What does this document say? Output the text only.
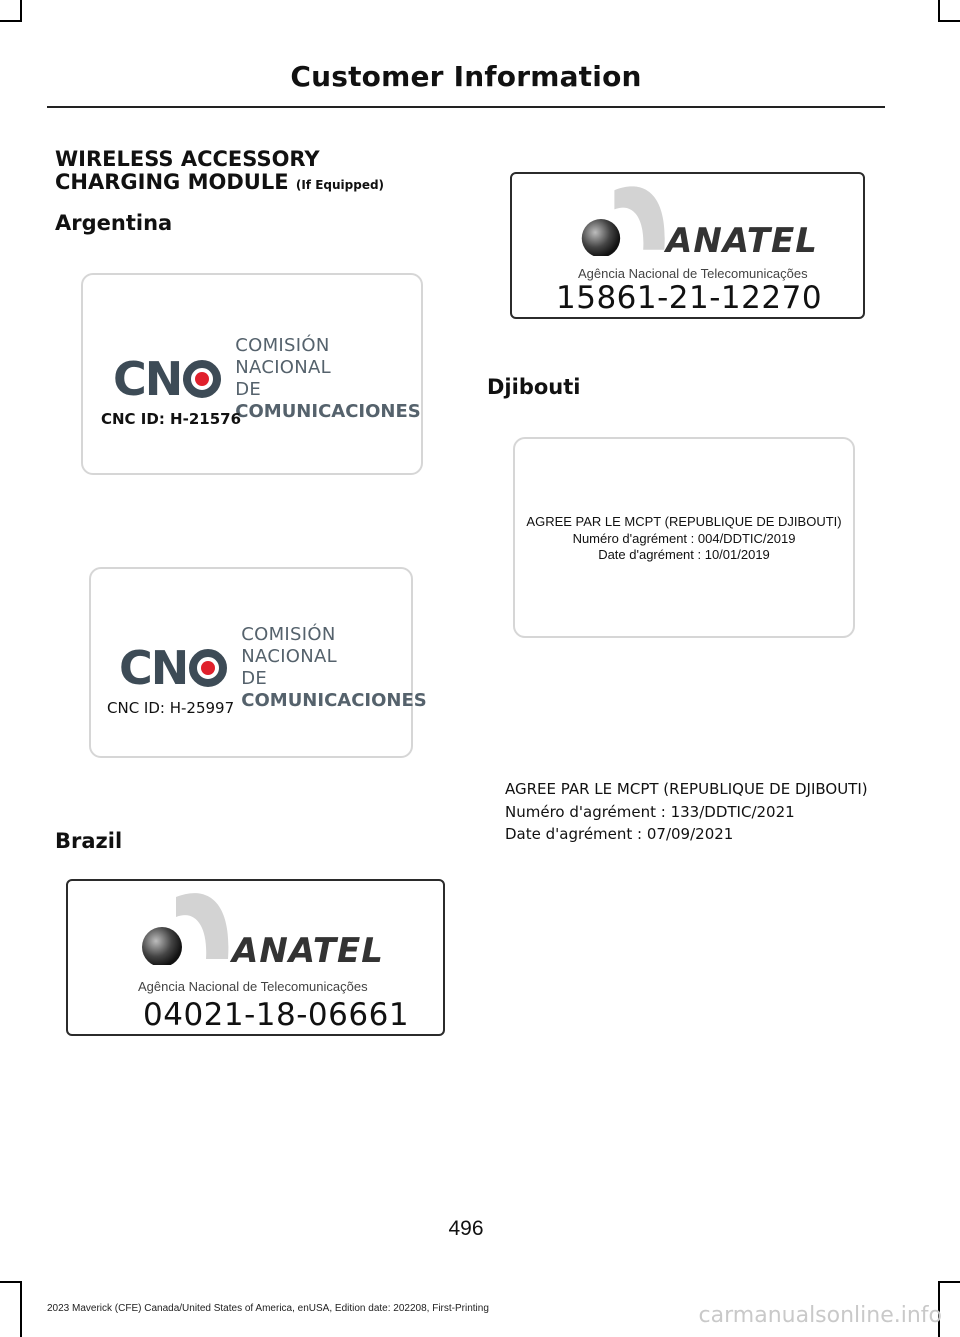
Customer Information
WIRELESS ACCESSORY
CHARGING MODULE (If Equipped)
Argentina
CN
COMISIÓN NACIONAL
DE COMUNICACIONES
CNC ID: H-21576
CN
COMISIÓN NACIONAL
DE COMUNICACIONES
CNC ID: H-25997
Brazil
ANATEL
Agência Nacional de Telecomunicações
04021-18-06661
ANATEL
Agência Nacional de Telecomunicações
15861-21-12270
Djibouti
AGREE PAR LE MCPT (REPUBLIQUE DE DJIBOUTI)
Numéro d'agrément : 004/DDTIC/2019
Date d'agrément : 10/01/2019
AGREE PAR LE MCPT (REPUBLIQUE DE DJIBOUTI)
Numéro d'agrément : 133/DDTIC/2021
Date d'agrément : 07/09/2021
496
2023 Maverick (CFE) Canada/United States of America, enUSA, Edition date: 202208, First-Printing	carmanualsonline.info
